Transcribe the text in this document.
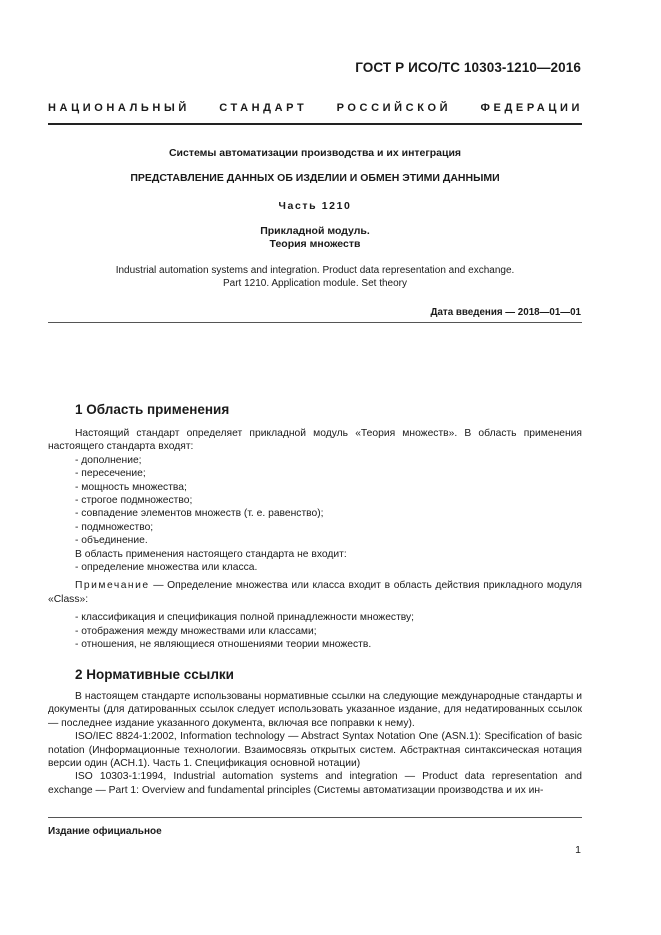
ГОСТ Р ИСО/ТС 10303-1210—2016
НАЦИОНАЛЬНЫЙ СТАНДАРТ РОССИЙСКОЙ ФЕДЕРАЦИИ
Системы автоматизации производства и их интеграция
ПРЕДСТАВЛЕНИЕ ДАННЫХ ОБ ИЗДЕЛИИ И ОБМЕН ЭТИМИ ДАННЫМИ
Часть 1210
Прикладной модуль.
Теория множеств
Industrial automation systems and integration. Product data representation and exchange.
Part 1210. Application module. Set theory
Дата введения — 2018—01—01
1 Область применения

Настоящий стандарт определяет прикладной модуль «Теория множеств». В область применения настоящего стандарта входят:

- дополнение;

- пересечение;

- мощность множества;

- строгое подмножество;

- совпадение элементов множеств (т. е. равенство);

- подмножество;

- объединение.

В область применения настоящего стандарта не входит:

- определение множества или класса.

Примечание — Определение множества или класса входит в область действия прикладного модуля «Class»:

- классификация и спецификация полной принадлежности множеству;

- отображения между множествами или классами;

- отношения, не являющиеся отношениями теории множеств.

2 Нормативные ссылки

В настоящем стандарте использованы нормативные ссылки на следующие международные стандарты и документы (для датированных ссылок следует использовать указанное издание, для недатированных ссылок — последнее издание указанного документа, включая все поправки к нему).

ISO/IEC 8824-1:2002, Information technology — Abstract Syntax Notation One (ASN.1): Specification of basic notation (Информационные технологии. Взаимосвязь открытых систем. Абстрактная синтаксическая нотация версии один (АСН.1). Часть 1. Спецификация основной нотации)

ISO 10303-1:1994, Industrial automation systems and integration — Product data representation and exchange — Part 1: Overview and fundamental principles (Системы автоматизации производства и их ин-

Издание официальное
1
